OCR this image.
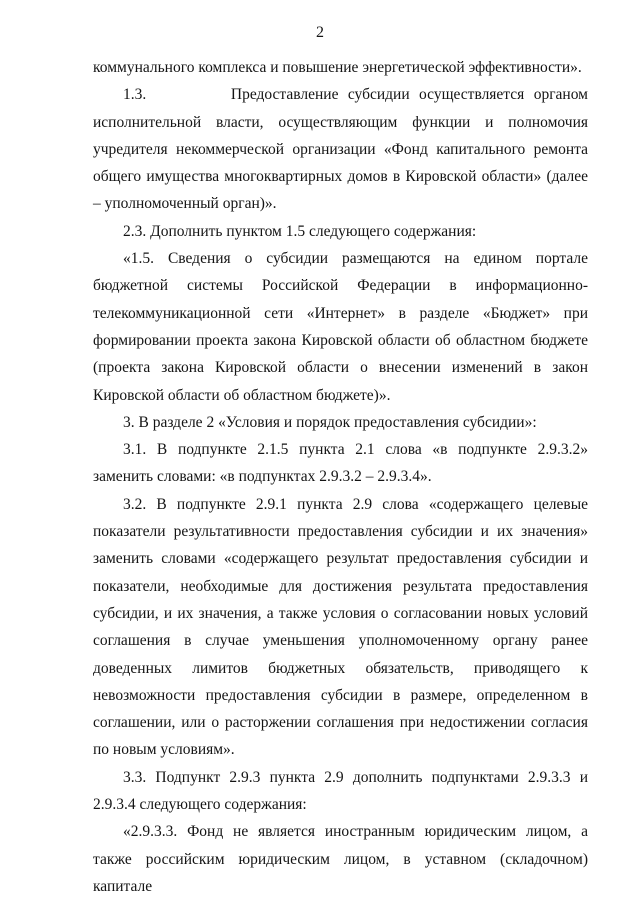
2

коммунального комплекса и повышение энергетической эффективности».

1.3.         Предоставление субсидии осуществляется органом исполнительной власти, осуществляющим функции и полномочия учредителя некоммерческой организации «Фонд капитального ремонта общего имущества многоквартирных домов в Кировской области» (далее – уполномоченный орган)».

2.3. Дополнить пунктом 1.5 следующего содержания:

«1.5. Сведения о субсидии размещаются на едином портале бюджетной системы Российской Федерации в информационно-телекоммуникационной сети «Интернет» в разделе «Бюджет» при формировании проекта закона Кировской области об областном бюджете (проекта закона Кировской области о внесении изменений в закон Кировской области об областном бюджете)».

3. В разделе 2 «Условия и порядок предоставления субсидии»:

3.1. В подпункте 2.1.5 пункта 2.1 слова «в подпункте 2.9.3.2» заменить словами: «в подпунктах 2.9.3.2 – 2.9.3.4».

3.2. В подпункте 2.9.1 пункта 2.9 слова «содержащего целевые показатели результативности предоставления субсидии и их значения» заменить словами «содержащего результат предоставления субсидии и показатели, необходимые для достижения результата предоставления субсидии, и их значения, а также условия о согласовании новых условий соглашения в случае уменьшения уполномоченному органу ранее доведенных лимитов бюджетных обязательств, приводящего к невозможности предоставления субсидии в размере, определенном в соглашении, или о расторжении соглашения при недостижении согласия по новым условиям».

3.3. Подпункт 2.9.3 пункта 2.9 дополнить подпунктами 2.9.3.3 и 2.9.3.4 следующего содержания:

«2.9.3.3. Фонд не является иностранным юридическим лицом, а также российским юридическим лицом, в уставном (складочном) капитале
